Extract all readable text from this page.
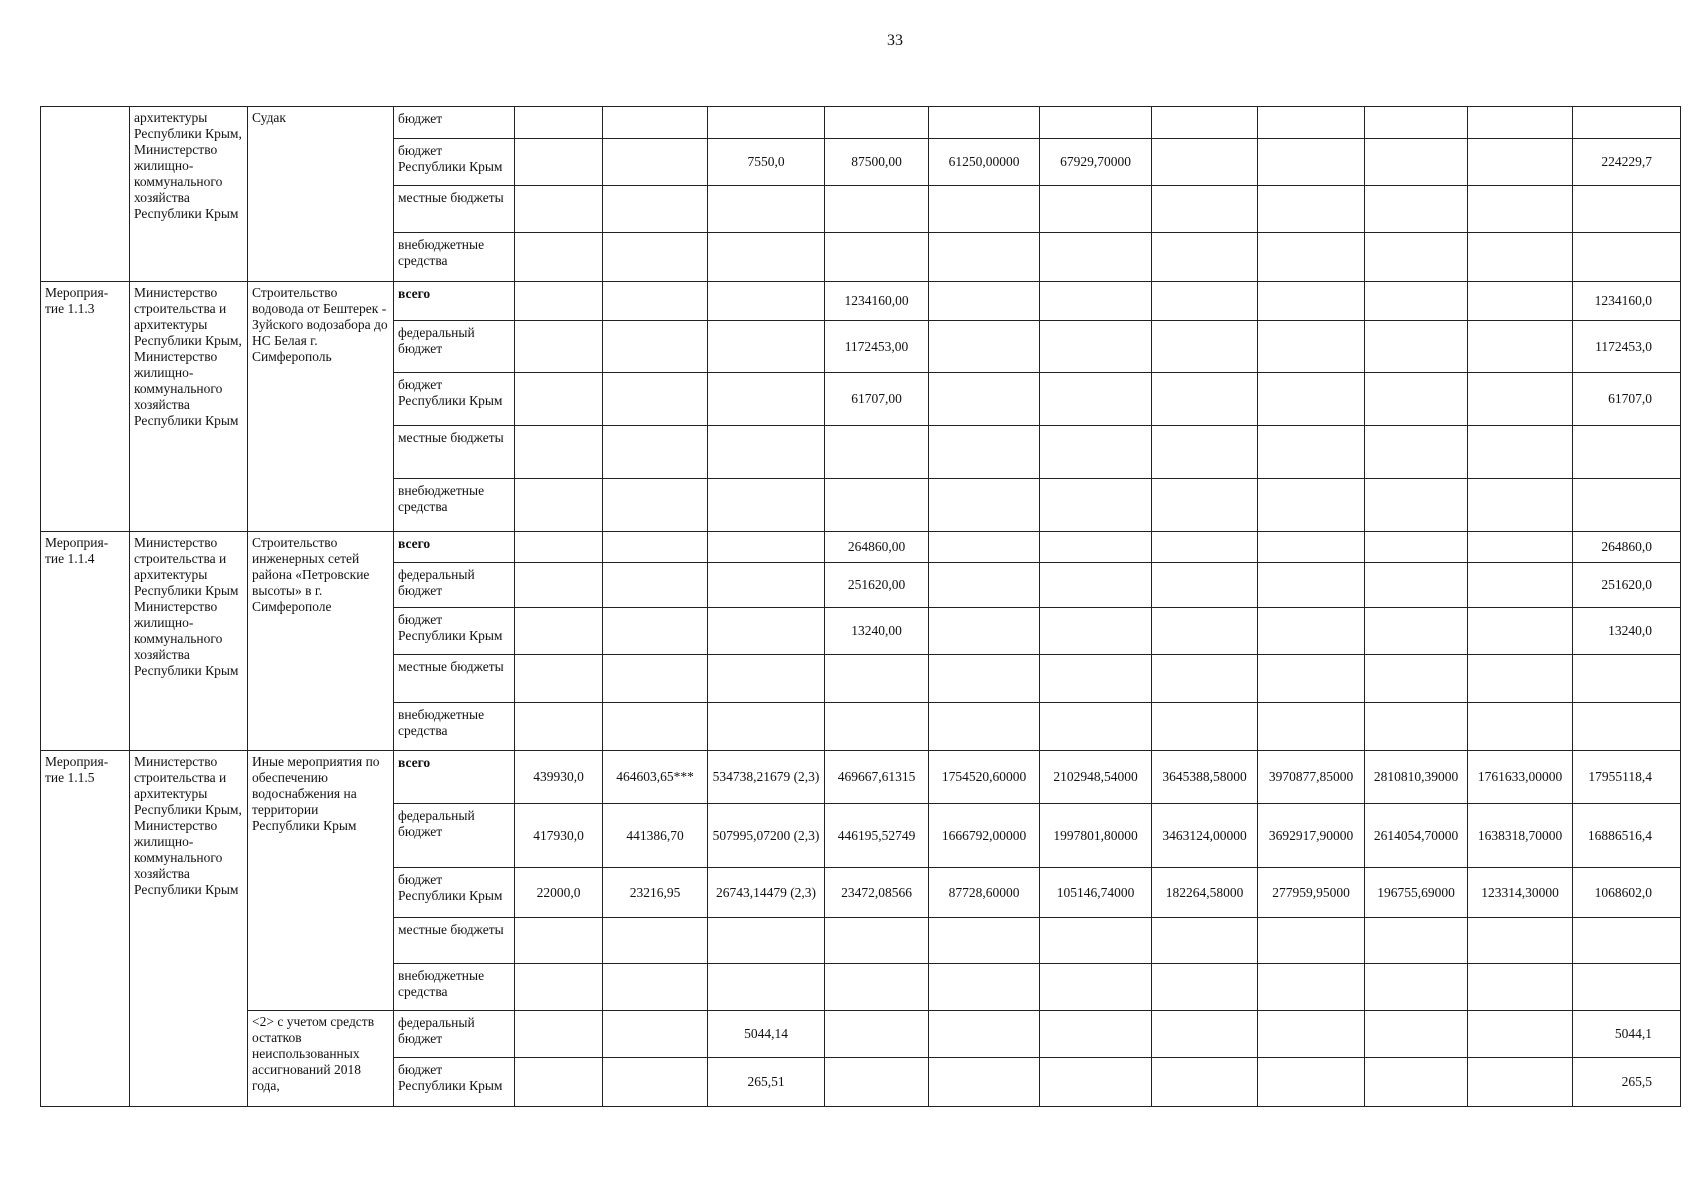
33
	архитектуры Республики Крым, Министерство жилищно-коммунального хозяйства Республики Крым	Судак	бюджет											
			бюджет Республики Крым			7550,0	87500,00	61250,00000	67929,70000					224229,7
			местные бюджеты											
			внебюджетные средства											
Мероприя-тие 1.1.3	Министерство строительства и архитектуры Республики Крым, Министерство жилищно-коммунального хозяйства Республики Крым	Строительство водовода от Бештерек - Зуйского водозабора до НС Белая г. Симферополь	всего				1234160,00							1234160,0
			федеральный бюджет				1172453,00							1172453,0
			бюджет Республики Крым				61707,00							61707,0
			местные бюджеты											
			внебюджетные средства											
Мероприя-тие 1.1.4	Министерство строительства и архитектуры Республики Крым Министерство жилищно-коммунального хозяйства Республики Крым	Строительство инженерных сетей района «Петровские высоты» в г. Симферополе	всего				264860,00							264860,0
			федеральный бюджет				251620,00							251620,0
			бюджет Республики Крым				13240,00							13240,0
			местные бюджеты											
			внебюджетные средства											
Мероприя-тие 1.1.5	Министерство строительства и архитектуры Республики Крым, Министерство жилищно-коммунального хозяйства Республики Крым	Иные мероприятия по обеспечению водоснабжения на территории Республики Крым	всего	439930,0	464603,65***	534738,21679 (2,3)	469667,61315	1754520,60000	2102948,54000	3645388,58000	3970877,85000	2810810,39000	1761633,00000	17955118,4
			федеральный бюджет	417930,0	441386,70	507995,07200 (2,3)	446195,52749	1666792,00000	1997801,80000	3463124,00000	3692917,90000	2614054,70000	1638318,70000	16886516,4
			бюджет Республики Крым	22000,0	23216,95	26743,14479 (2,3)	23472,08566	87728,60000	105146,74000	182264,58000	277959,95000	196755,69000	123314,30000	1068602,0
			местные бюджеты											
			внебюджетные средства											
		<2> с учетом средств остатков неиспользованных ассигнований 2018 года,	федеральный бюджет			5044,14								5044,1
			бюджет Республики Крым			265,51								265,5
